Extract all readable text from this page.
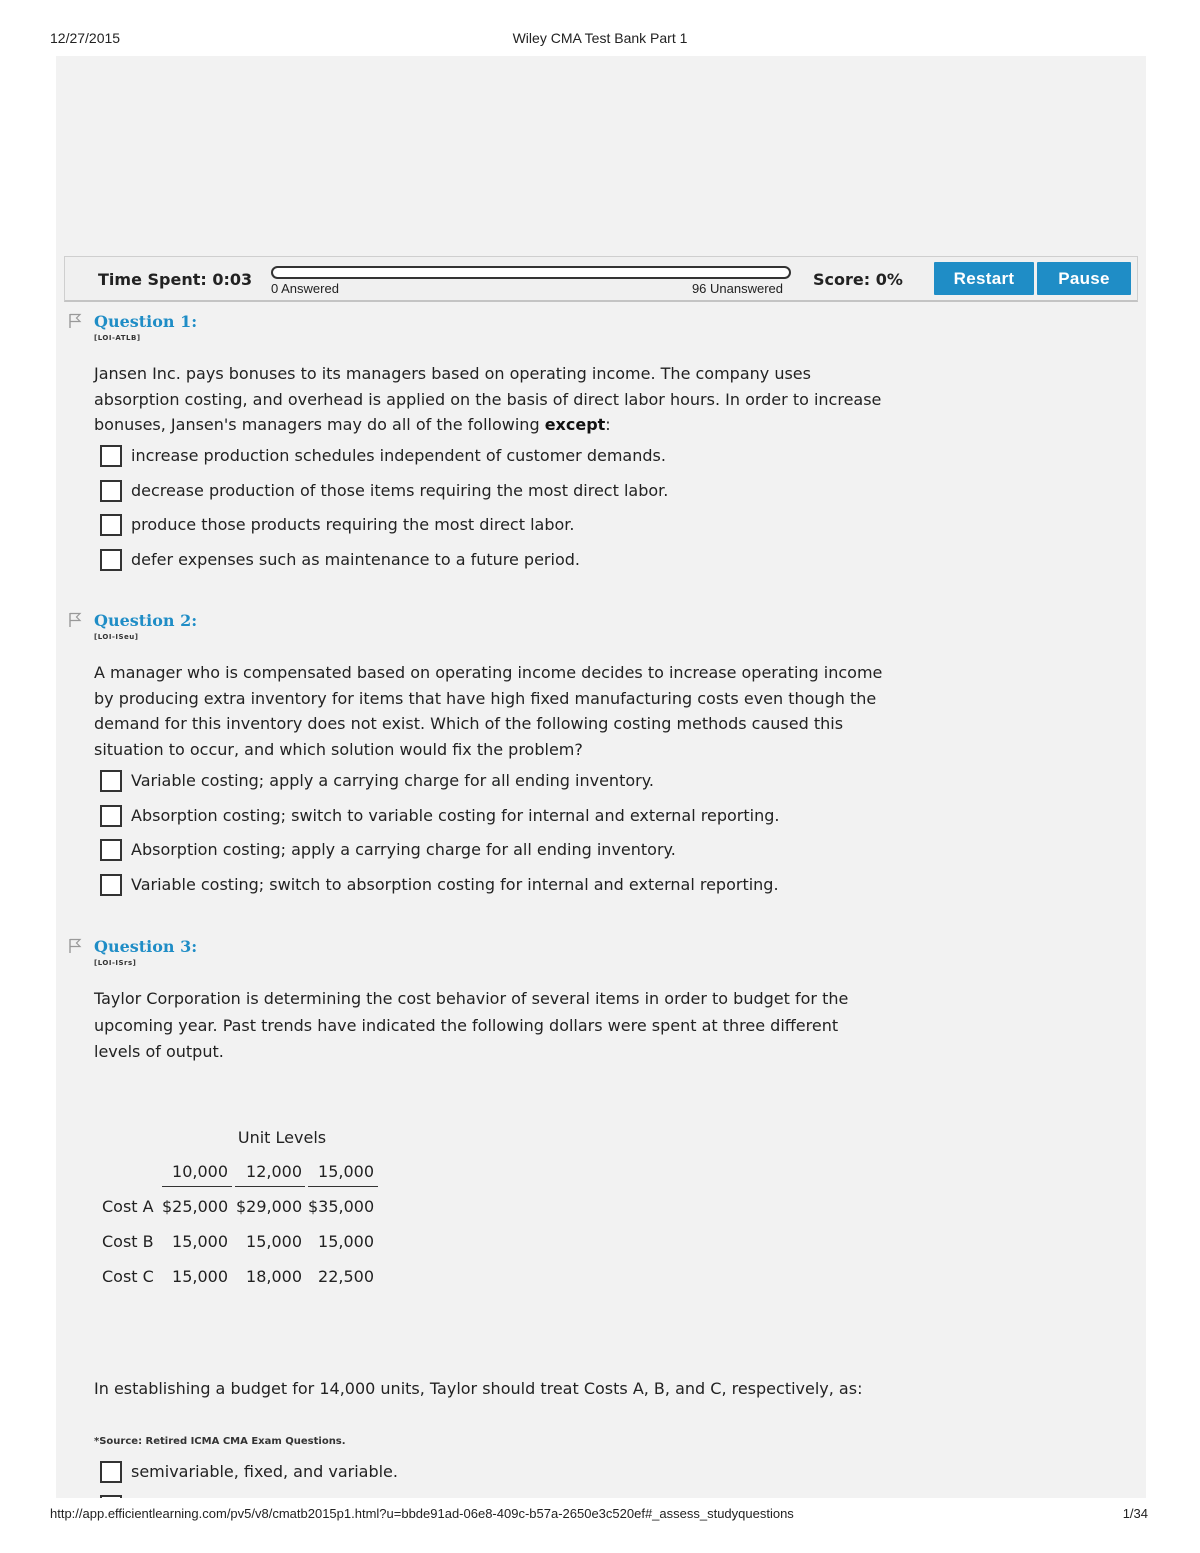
12/27/2015	Wiley CMA Test Bank Part 1
Time Spent: 0:03 0 Answered	96 Unanswered Score: 0%	Restart	Pause
Question 1:
[LOI-ATLB]
Jansen Inc. pays bonuses to its managers based on operating income. The company uses absorption costing, and overhead is applied on the basis of direct labor hours. In order to increase bonuses, Jansen's managers may do all of the following except:
increase production schedules independent of customer demands.
decrease production of those items requiring the most direct labor.
produce those products requiring the most direct labor.
defer expenses such as maintenance to a future period.
Question 2:
[LOI-ISeu]
A manager who is compensated based on operating income decides to increase operating income by producing extra inventory for items that have high fixed manufacturing costs even though the demand for this inventory does not exist. Which of the following costing methods caused this situation to occur, and which solution would fix the problem?
Variable costing; apply a carrying charge for all ending inventory.
Absorption costing; switch to variable costing for internal and external reporting.
Absorption costing; apply a carrying charge for all ending inventory.
Variable costing; switch to absorption costing for internal and external reporting.
Question 3:
[LOI-ISrs]
Taylor Corporation is determining the cost behavior of several items in order to budget for the upcoming year. Past trends have indicated the following dollars were spent at three different levels of output.
Unit Levels
10,000	12,000	15,000
Cost A $25,000 $29,000 $35,000
Cost B	15,000	15,000	15,000
Cost C	15,000	18,000	22,500
In establishing a budget for 14,000 units, Taylor should treat Costs A, B, and C, respectively, as:
*Source: Retired ICMA CMA Exam Questions.
semivariable, fixed, and variable.
http://app.efficientlearning.com/pv5/v8/cmatb2015p1.html?u=bbde91ad-06e8-409c-b57a-2650e3c520ef#_assess_studyquestions	1/34
